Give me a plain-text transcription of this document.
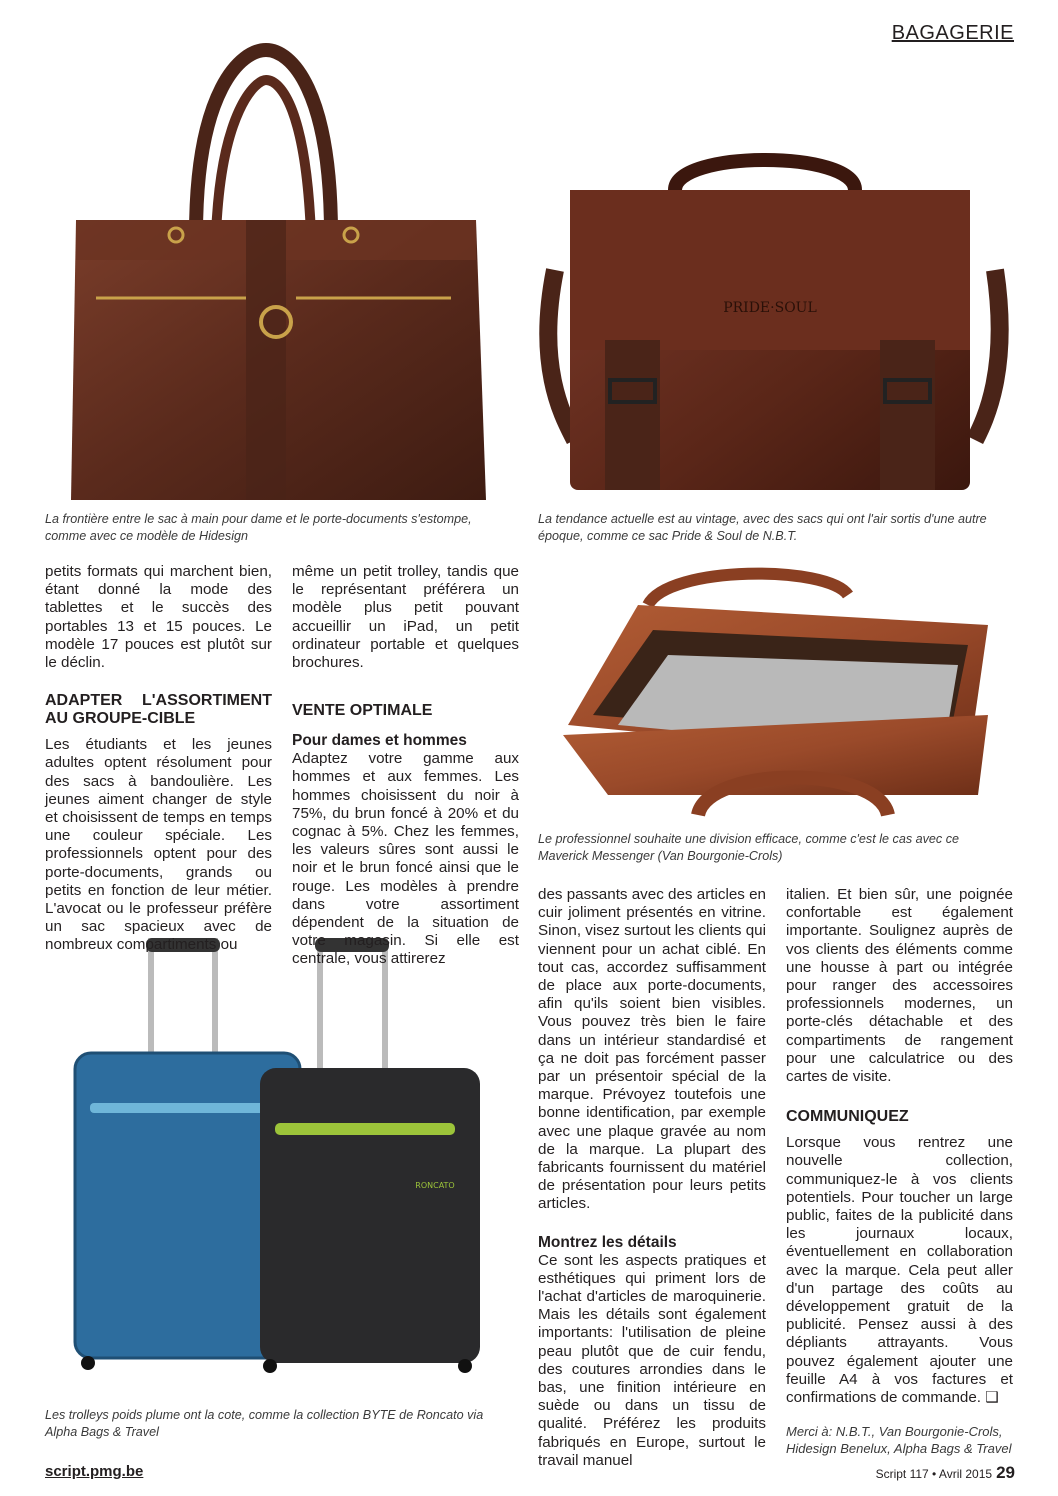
BAGAGERIE
La frontière entre le sac à main pour dame et le porte-documents s'estompe, comme avec ce modèle de Hidesign
PRIDE·SOUL
La tendance actuelle est au vintage, avec des sacs qui ont l'air sortis d'une autre époque, comme ce sac Pride & Soul de N.B.T.
Le professionnel souhaite une division efficace, comme c'est le cas avec ce Maverick Messenger (Van Bourgonie-Crols)
RONCATO
Les trolleys poids plume ont la cote, comme la collection BYTE de Roncato via Alpha Bags & Travel

petits formats qui marchent bien, étant donné la mode des tablettes et le succès des portables 13 et 15 pouces. Le modèle 17 pouces est plutôt sur le déclin.

ADAPTER L'ASSORTIMENT AU GROUPE-CIBLE

Les étudiants et les jeunes adultes optent résolument pour des sacs à bandoulière. Les jeunes aiment changer de style et choisissent de temps en temps une couleur spéciale. Les professionnels optent pour des porte-documents, grands ou petits en fonction de leur métier. L'avocat ou le professeur préfère un sac spacieux avec de nombreux compartiments ou

même un petit trolley, tandis que le représentant préférera un modèle plus petit pouvant accueillir un iPad, un petit ordinateur portable et quelques brochures.

VENTE OPTIMALE
Pour dames et hommes

Adaptez votre gamme aux hommes et aux femmes. Les hommes choisissent du noir à 75%, du brun foncé à 20% et du cognac à 5%. Chez les femmes, les valeurs sûres sont aussi le noir et le brun foncé ainsi que le rouge. Les modèles à prendre dans votre assortiment dépendent de la situation de votre magasin. Si elle est centrale, vous attirerez

des passants avec des articles en cuir joliment présentés en vitrine. Sinon, visez surtout les clients qui viennent pour un achat ciblé. En tout cas, accordez suffisamment de place aux porte-documents, afin qu'ils soient bien visibles. Vous pouvez très bien le faire dans un intérieur standardisé et ça ne doit pas forcément passer par un présentoir spécial de la marque. Prévoyez toutefois une bonne identification, par exemple avec une plaque gravée au nom de la marque. La plupart des fabricants fournissent du matériel de présentation pour leurs petits articles.

Montrez les détails

Ce sont les aspects pratiques et esthétiques qui priment lors de l'achat d'articles de maroquinerie. Mais les détails sont également importants: l'utilisation de pleine peau plutôt que de cuir fendu, des coutures arrondies dans le bas, une finition intérieure en suède ou dans un tissu de qualité. Préférez les produits fabriqués en Europe, surtout le travail manuel

italien. Et bien sûr, une poignée confortable est également importante. Soulignez auprès de vos clients des éléments comme une housse à part ou intégrée pour ranger des accessoires professionnels modernes, un porte-clés détachable et des compartiments de rangement pour une calculatrice ou des cartes de visite.

COMMUNIQUEZ

Lorsque vous rentrez une nouvelle collection, communiquez-le à vos clients potentiels. Pour toucher un large public, faites de la publicité dans les journaux locaux, éventuellement en collaboration avec la marque. Cela peut aller d'un partage des coûts au développement gratuit de la publicité. Pensez aussi à des dépliants attrayants. Vous pouvez également ajouter une feuille A4 à vos factures et confirmations de commande. ❑

Merci à: N.B.T., Van Bourgonie-Crols, Hidesign Benelux, Alpha Bags & Travel

script.pmg.be	Script 117 • Avril 2015 29
